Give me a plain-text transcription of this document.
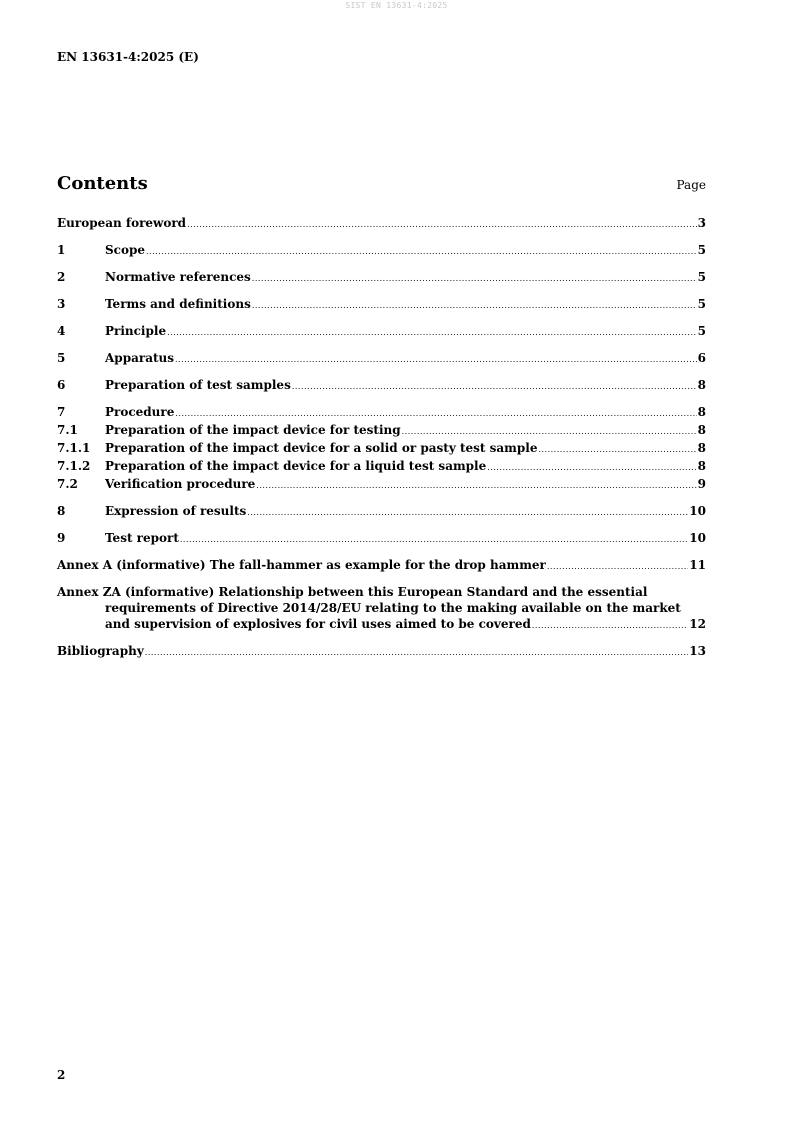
SIST EN 13631-4:2025
EN 13631-4:2025 (E)
Contents	Page
European foreword .....	3
1	Scope .....	5
2	Normative references .....	5
3	Terms and definitions .....	5
4	Principle .....	5
5	Apparatus .....	6
6	Preparation of test samples .....	8
7	Procedure .....	8
7.1	Preparation of the impact device for testing .....	8
7.1.1	Preparation of the impact device for a solid or pasty test sample .....	8
7.1.2	Preparation of the impact device for a liquid test sample .....	8
7.2	Verification procedure .....	9
8	Expression of results .....	10
9	Test report .....	10
Annex A (informative) The fall-hammer as example for the drop hammer .....	11
Annex ZA (informative) Relationship between this European Standard and the essential
requirements of Directive 2014/28/EU relating to the making available on the market
and supervision of explosives for civil uses aimed to be covered .....	12
Bibliography .....	13
2
